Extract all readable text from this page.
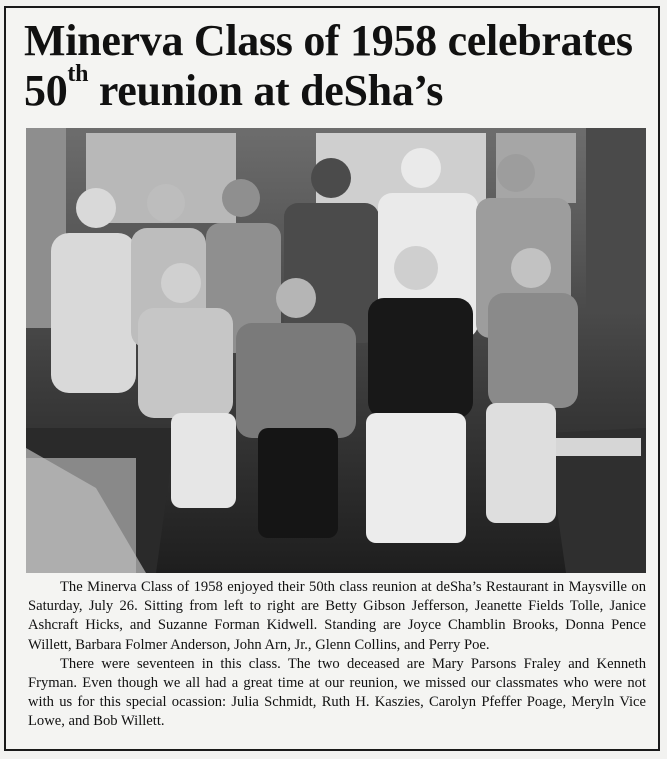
Minerva Class of 1958 celebrates
50th reunion at deSha’s

The Minerva Class of 1958 enjoyed their 50th class reunion at deSha’s Restaurant in Maysville on Saturday, July 26. Sitting from left to right are Betty Gibson Jefferson, Jeanette Fields Tolle, Janice Ashcraft Hicks, and Suzanne Forman Kidwell. Standing are Joyce Chamblin Brooks, Donna Pence Willett, Barbara Folmer Anderson, John Arn, Jr., Glenn Collins, and Perry Poe.

There were seventeen in this class. The two deceased are Mary Parsons Fraley and Kenneth Fryman. Even though we all had a great time at our reunion, we missed our classmates who were not with us for this special ocassion: Julia Schmidt, Ruth H. Kaszies, Carolyn Pfeffer Poage, Meryln Vice Lowe, and Bob Willett.
